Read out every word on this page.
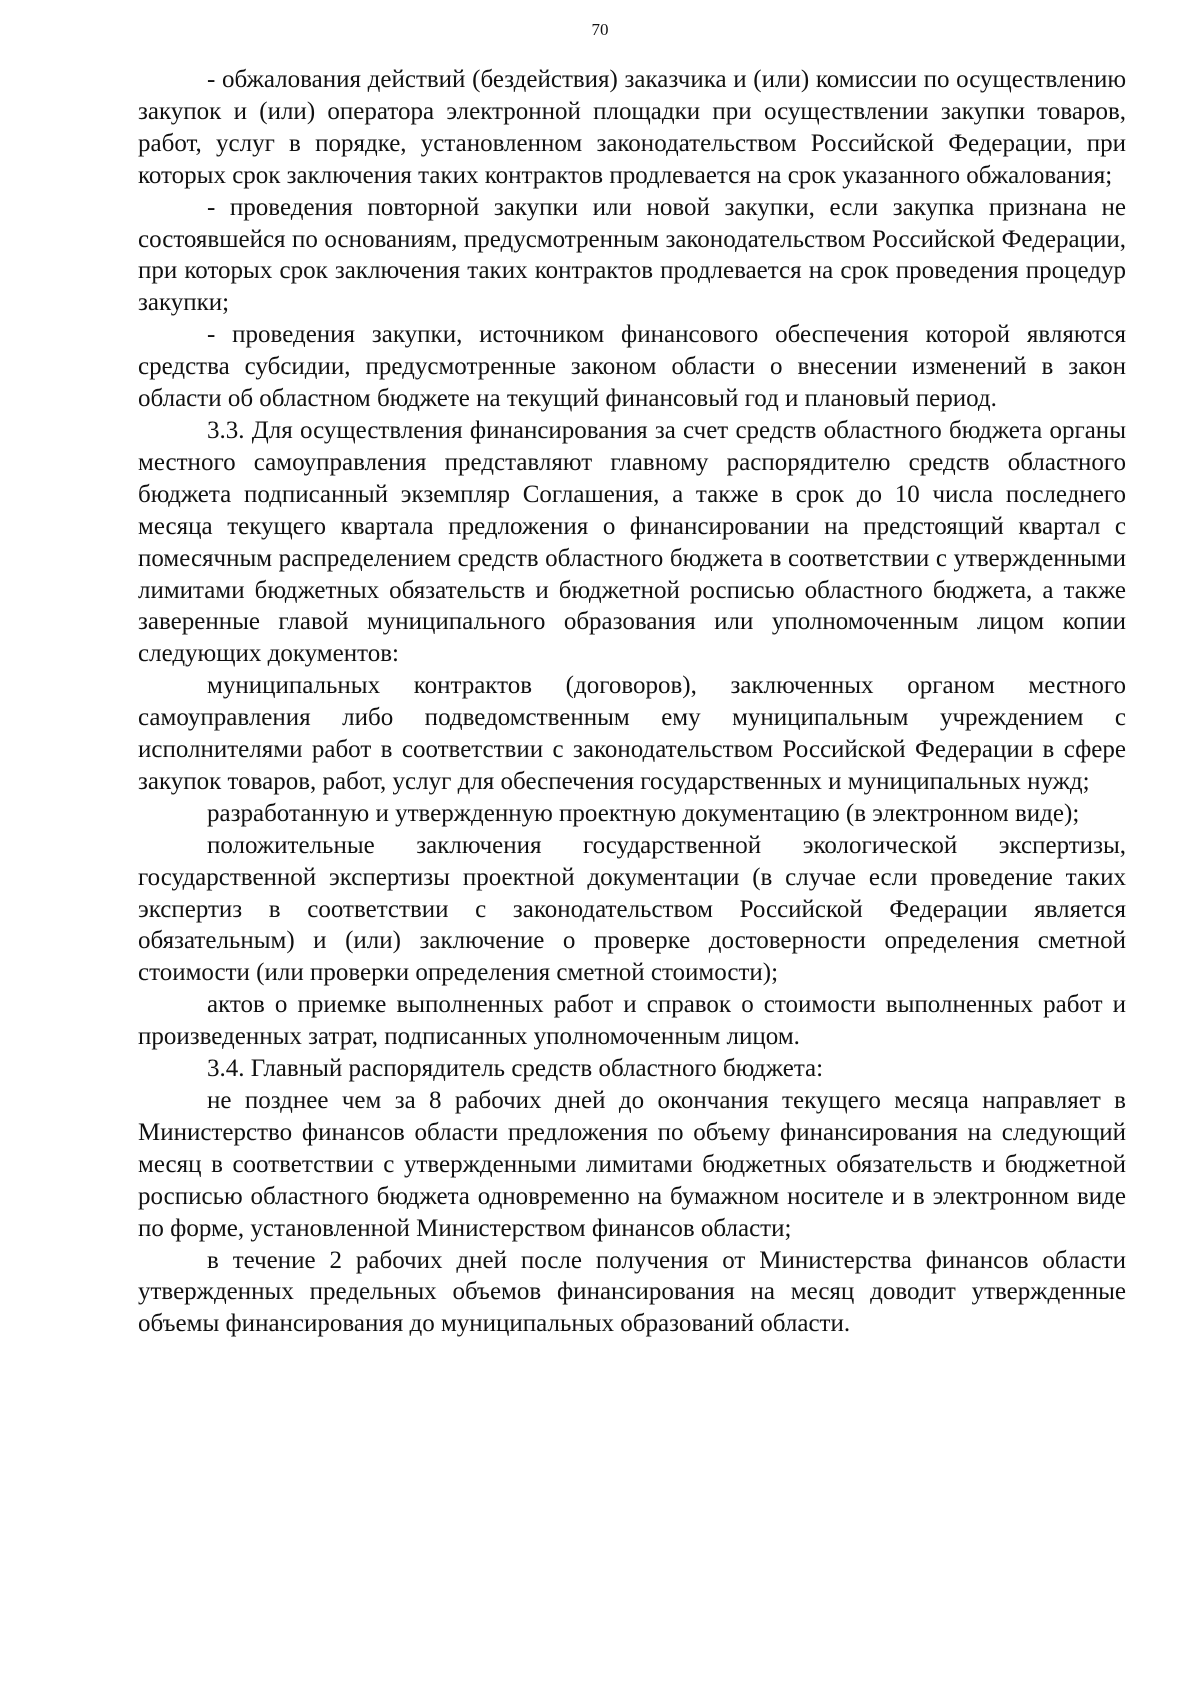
70

- обжалования действий (бездействия) заказчика и (или) комиссии по осуществлению закупок и (или) оператора электронной площадки при осуществлении закупки товаров, работ, услуг в порядке, установленном законодательством Российской Федерации, при которых срок заключения таких контрактов продлевается на срок указанного обжалования;

- проведения повторной закупки или новой закупки, если закупка признана не состоявшейся по основаниям, предусмотренным законодательством Российской Федерации, при которых срок заключения таких контрактов продлевается на срок проведения процедур закупки;

- проведения закупки, источником финансового обеспечения которой являются средства субсидии, предусмотренные законом области о внесении изменений в закон области об областном бюджете на текущий финансовый год и плановый период.

3.3. Для осуществления финансирования за счет средств областного бюджета органы местного самоуправления представляют главному распорядителю средств областного бюджета подписанный экземпляр Соглашения, а также в срок до 10 числа последнего месяца текущего квартала предложения о финансировании на предстоящий квартал с помесячным распределением средств областного бюджета в соответствии с утвержденными лимитами бюджетных обязательств и бюджетной росписью областного бюджета, а также заверенные главой муниципального образования или уполномоченным лицом копии следующих документов:

муниципальных контрактов (договоров), заключенных органом местного самоуправления либо подведомственным ему муниципальным учреждением с исполнителями работ в соответствии с законодательством Российской Федерации в сфере закупок товаров, работ, услуг для обеспечения государственных и муниципальных нужд;

разработанную и утвержденную проектную документацию (в электронном виде);

положительные заключения государственной экологической экспертизы, государственной экспертизы проектной документации (в случае если проведение таких экспертиз в соответствии с законодательством Российской Федерации является обязательным) и (или) заключение о проверке достоверности определения сметной стоимости (или проверки определения сметной стоимости);

актов о приемке выполненных работ и справок о стоимости выполненных работ и произведенных затрат, подписанных уполномоченным лицом.

3.4. Главный распорядитель средств областного бюджета:

не позднее чем за 8 рабочих дней до окончания текущего месяца направляет в Министерство финансов области предложения по объему финансирования на следующий месяц в соответствии с утвержденными лимитами бюджетных обязательств и бюджетной росписью областного бюджета одновременно на бумажном носителе и в электронном виде по форме, установленной Министерством финансов области;

в течение 2 рабочих дней после получения от Министерства финансов области утвержденных предельных объемов финансирования на месяц доводит утвержденные объемы финансирования до муниципальных образований области.
